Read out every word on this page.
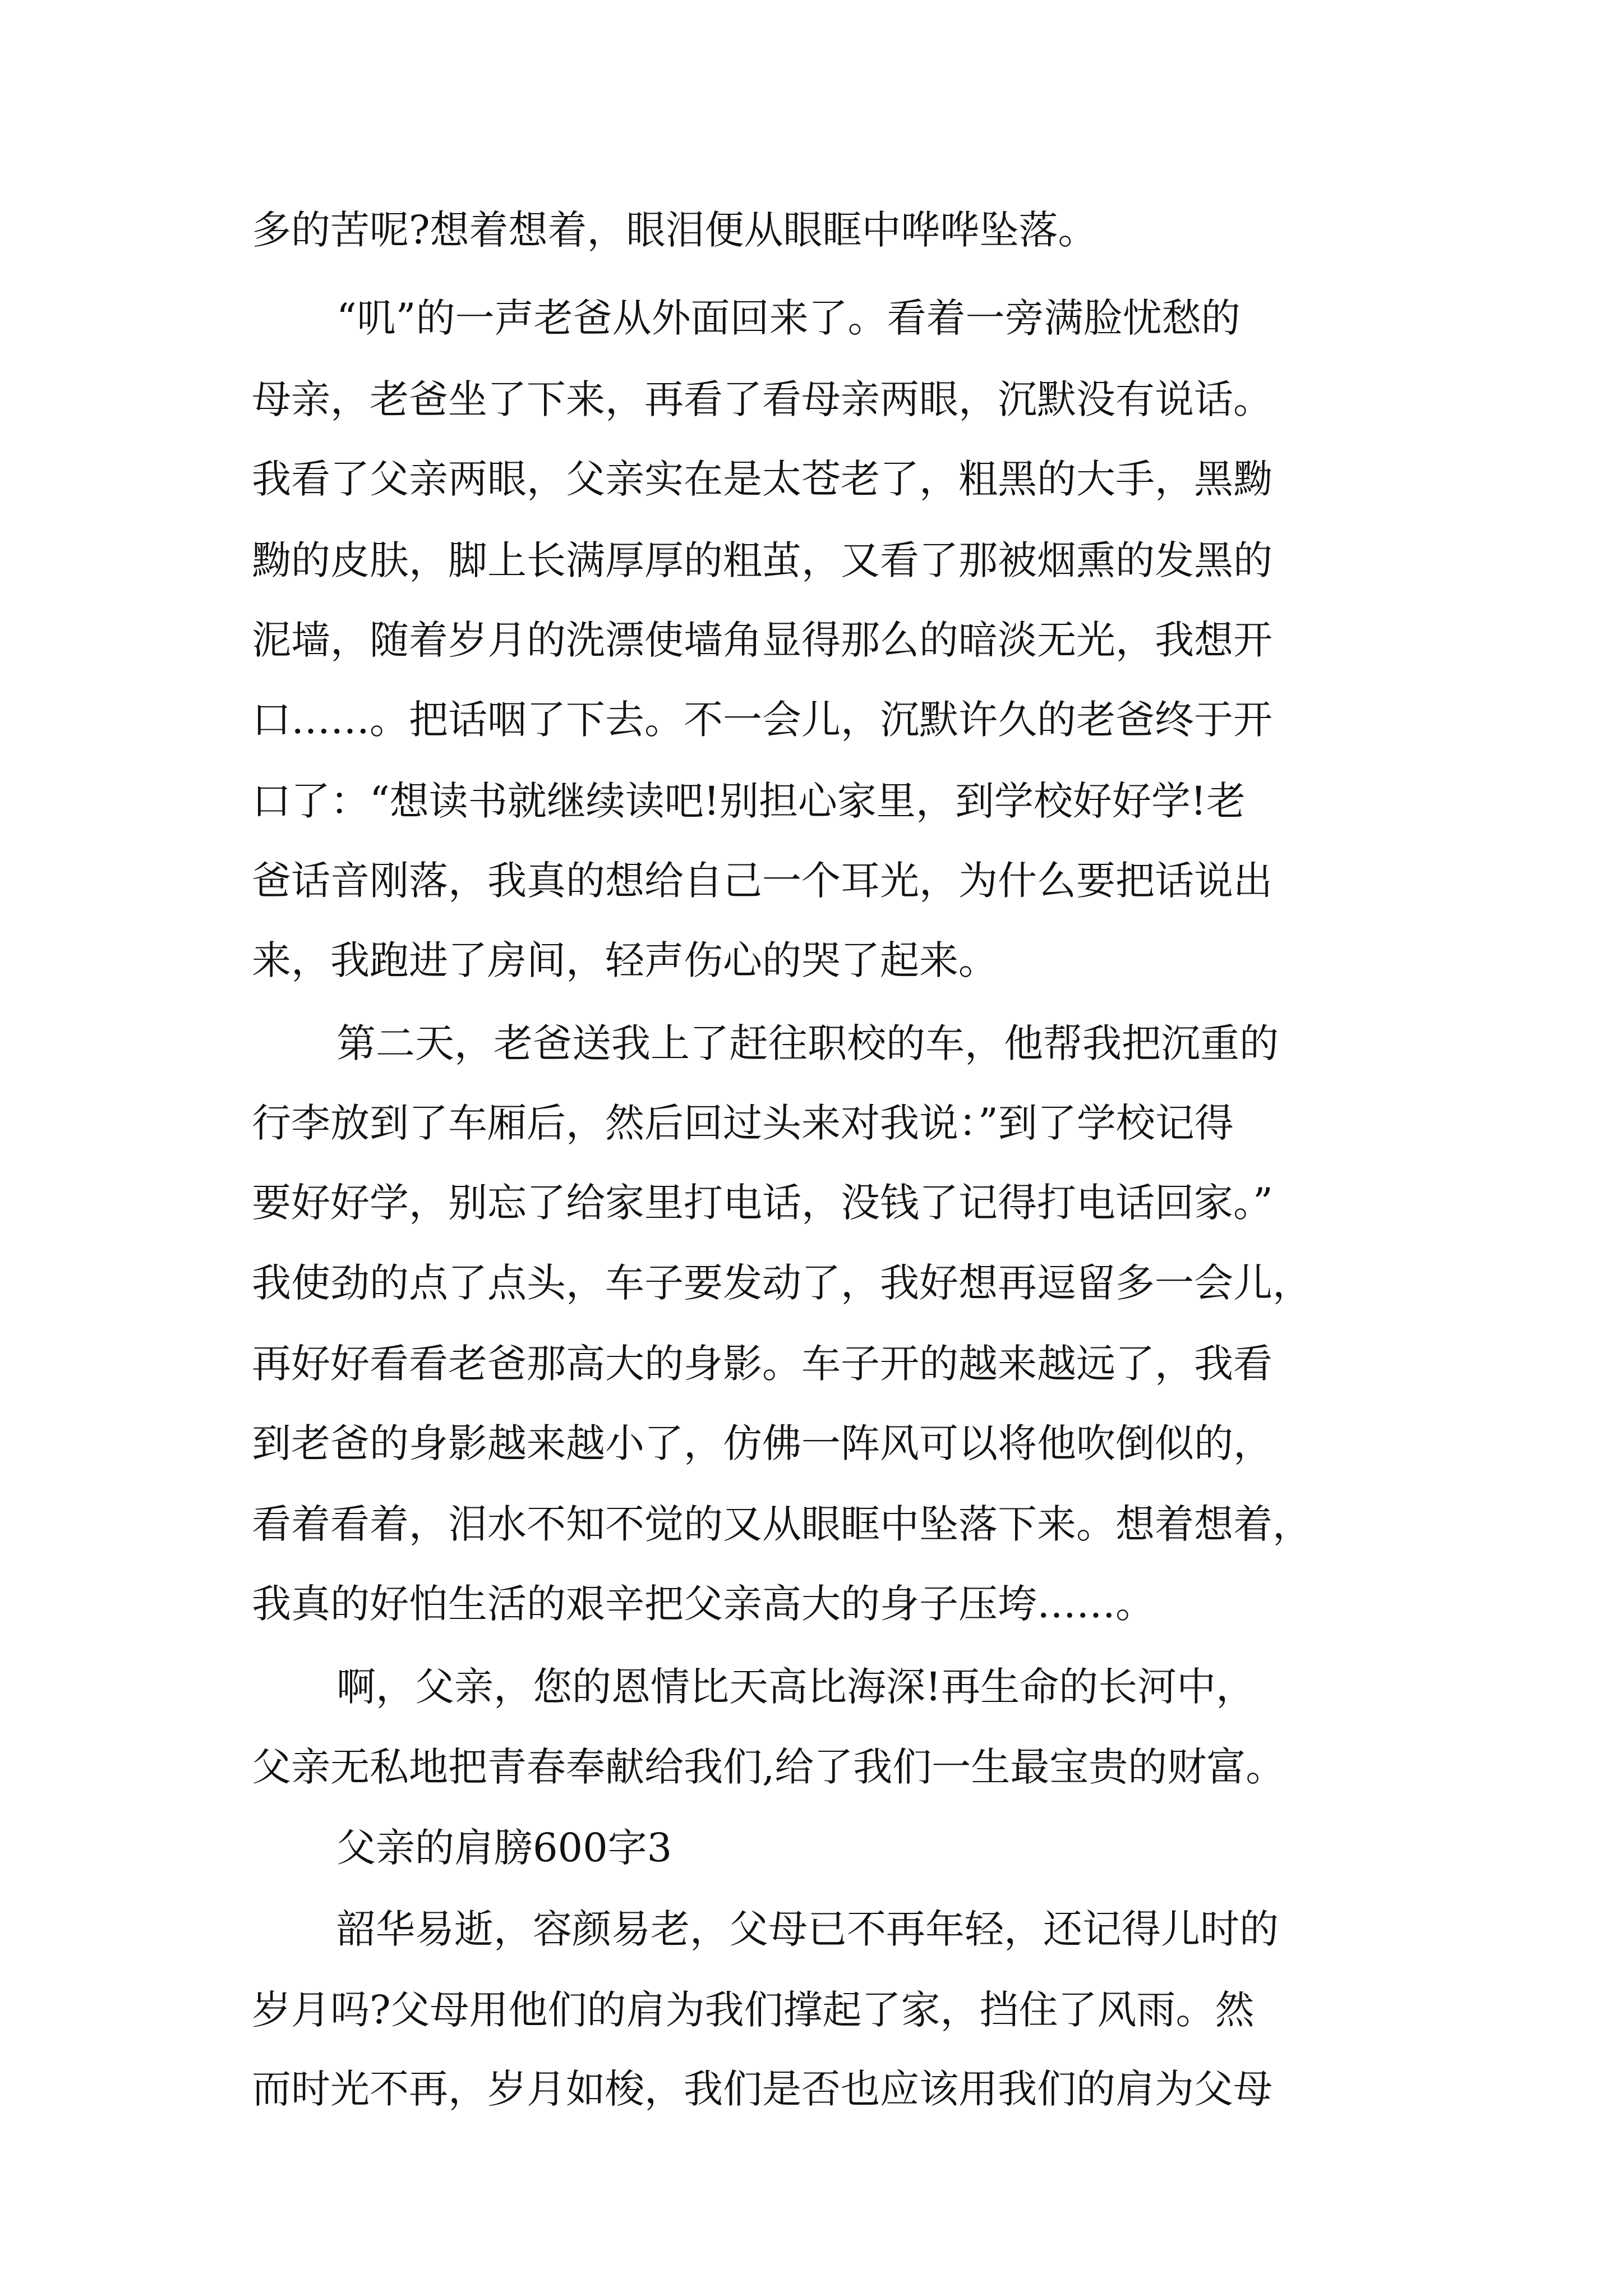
多的苦呢?想着想着，眼泪便从眼眶中哗哗坠落。

“叽”的一声老爸从外面回来了。看着一旁满脸忧愁的

母亲，老爸坐了下来，再看了看母亲两眼，沉默没有说话。

我看了父亲两眼，父亲实在是太苍老了，粗黑的大手，黑黝

黝的皮肤，脚上长满厚厚的粗茧，又看了那被烟熏的发黑的

泥墙，随着岁月的洗漂使墙角显得那么的暗淡无光，我想开

口……。把话咽了下去。不一会儿，沉默许久的老爸终于开

口了：“想读书就继续读吧!别担心家里，到学校好好学!老

爸话音刚落，我真的想给自己一个耳光，为什么要把话说出

来，我跑进了房间，轻声伤心的哭了起来。

第二天，老爸送我上了赶往职校的车，他帮我把沉重的

行李放到了车厢后，然后回过头来对我说：”到了学校记得

要好好学，别忘了给家里打电话，没钱了记得打电话回家。”

我使劲的点了点头，车子要发动了，我好想再逗留多一会儿，

再好好看看老爸那高大的身影。车子开的越来越远了，我看

到老爸的身影越来越小了，仿佛一阵风可以将他吹倒似的，

看着看着，泪水不知不觉的又从眼眶中坠落下来。想着想着，

我真的好怕生活的艰辛把父亲高大的身子压垮……。

啊，父亲，您的恩情比天高比海深!再生命的长河中，

父亲无私地把青春奉献给我们,给了我们一生最宝贵的财富。

父亲的肩膀600字3

韶华易逝，容颜易老，父母已不再年轻，还记得儿时的

岁月吗?父母用他们的肩为我们撑起了家，挡住了风雨。然

而时光不再，岁月如梭，我们是否也应该用我们的肩为父母
